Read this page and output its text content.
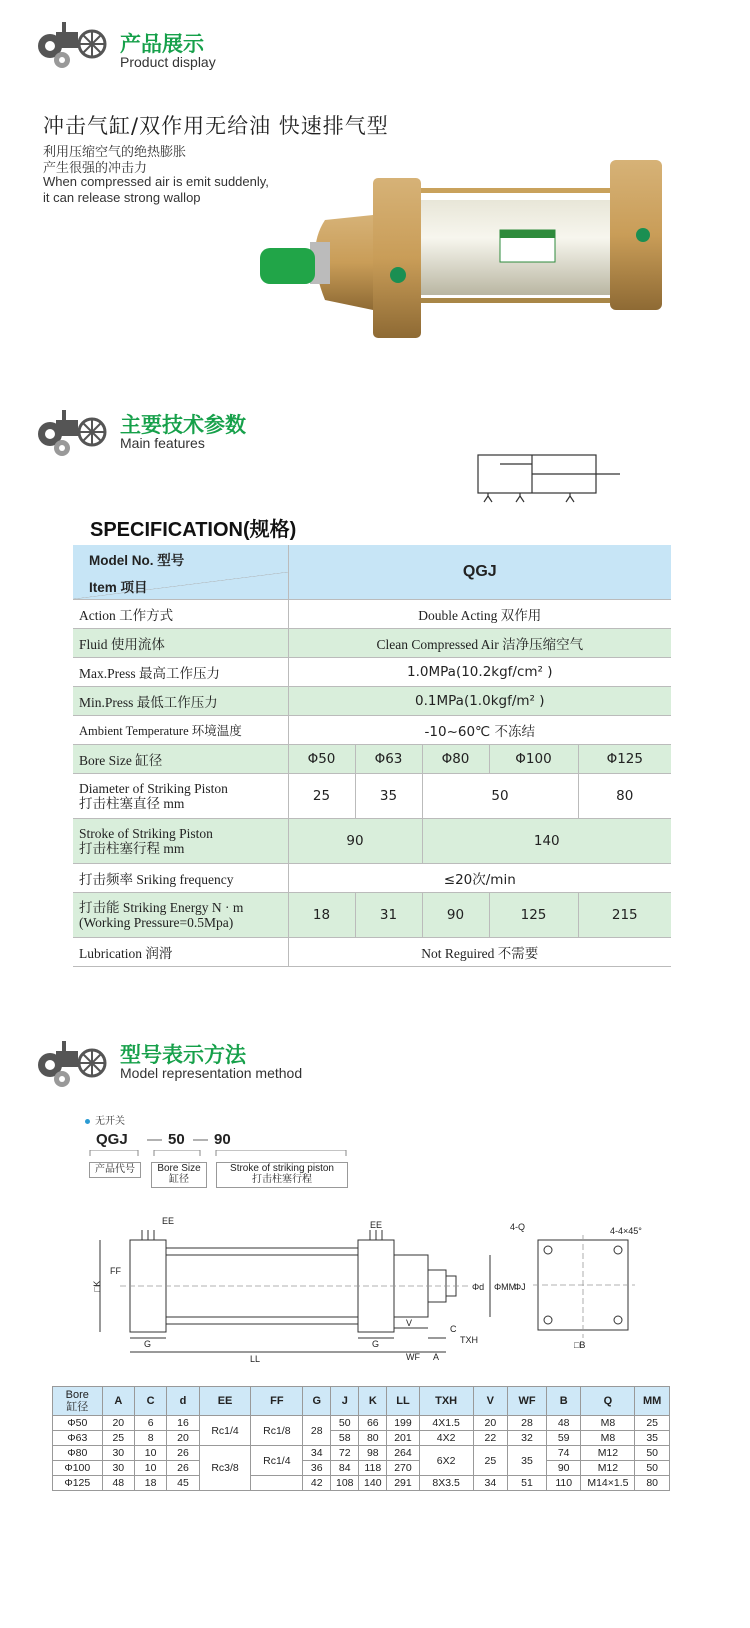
产品展示
Product display
冲击气缸/双作用无给油 快速排气型
利用压缩空气的绝热膨胀
产生很强的冲击力
When compressed air is emit suddenly,
it can release strong wallop
主要技术参数
Main features
SPECIFICATION(规格)
Model No. 型号	QGJ				
Item 项目					
Action 工作方式	Double Acting 双作用				
Fluid 使用流体	Clean Compressed Air 洁净压缩空气				
Max.Press 最高工作压力	1.0MPa(10.2kgf/cm² )				
Min.Press 最低工作压力	0.1MPa(1.0kgf/m² )				
Ambient Temperature 环境温度	-10~60℃ 不冻结				
Bore Size 缸径	Φ50	Φ63	Φ80	Φ100	Φ125
Diameter of Striking Piston
打击柱塞直径 mm	25	35	50		80
Stroke of Striking Piston
打击柱塞行程 mm	90		140		
打击频率 Sriking frequency	≤20次/min				
打击能 Striking Energy N · m
(Working Pressure=0.5Mpa)	18	31	90	125	215
Lubrication 润滑	Not Reguired 不需要				
型号表示方法
Model representation method
无开关
QGJ — 50 — 90
产品代号	Bore Size
缸径
Stroke of striking piston
打击柱塞行程
EE	EE
FF
□K
G	G
LL
V
WF A
C
TXH
Φd ΦMM
ΦJ
4-Q	4-4×45°
□B
Bore
缸径	A	C	d	EE	FF	G	J	K	LL	TXH	V	WF	B	Q	MM
Φ50	20	6	16	Rc1/4	Rc1/8	28	50	66	199	4X1.5	20	28	48	M8	25
Φ63	25	8	20				58	80	201	4X2	22	32	59	M8	35
Φ80	30	10	26	Rc3/8	Rc1/4	34	72	98	264	6X2	25	35	74	M12	50
Φ100	30	10	26			36	84	118	270				90	M12	50
Φ125	48	18	45			42	108	140	291	8X3.5	34	51	110	M14×1.5	80
